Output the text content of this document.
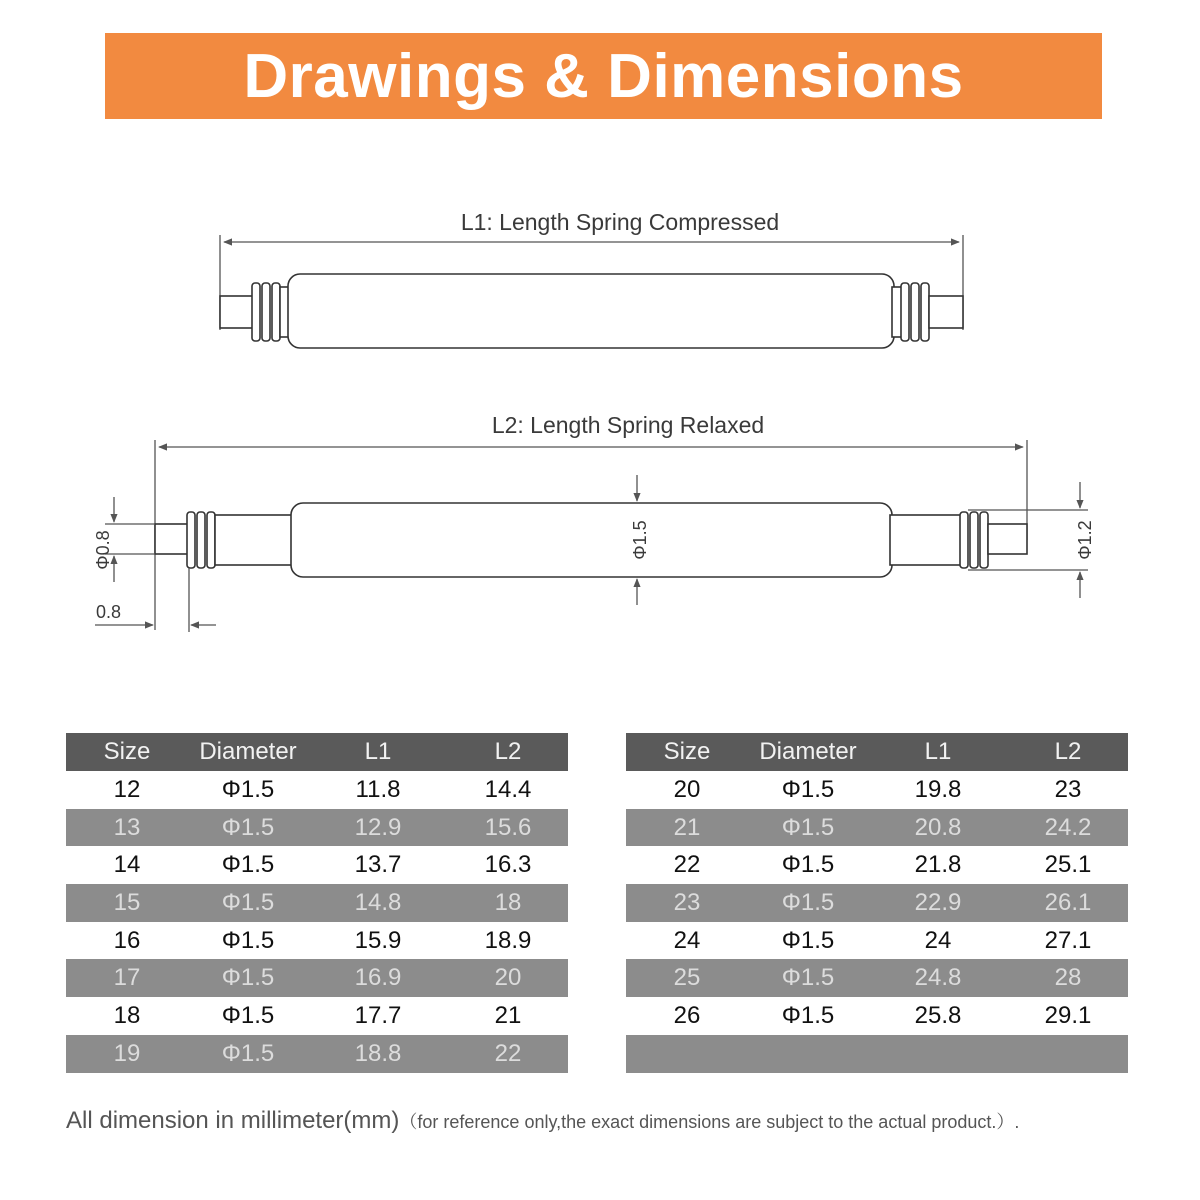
Drawings & Dimensions
L1: Length Spring Compressed
L2: Length Spring Relaxed
Φ1.5
Φ0.8
0.8
Φ1.2
Size	Diameter	L1	L2
12	Φ1.5	11.8	14.4
13	Φ1.5	12.9	15.6
14	Φ1.5	13.7	16.3
15	Φ1.5	14.8	18
16	Φ1.5	15.9	18.9
17	Φ1.5	16.9	20
18	Φ1.5	17.7	21
19	Φ1.5	18.8	22
Size	Diameter	L1	L2
20	Φ1.5	19.8	23
21	Φ1.5	20.8	24.2
22	Φ1.5	21.8	25.1
23	Φ1.5	22.9	26.1
24	Φ1.5	24	27.1
25	Φ1.5	24.8	28
26	Φ1.5	25.8	29.1

All dimension in millimeter(mm)（for reference only,the exact dimensions are subject to the actual product.）.
